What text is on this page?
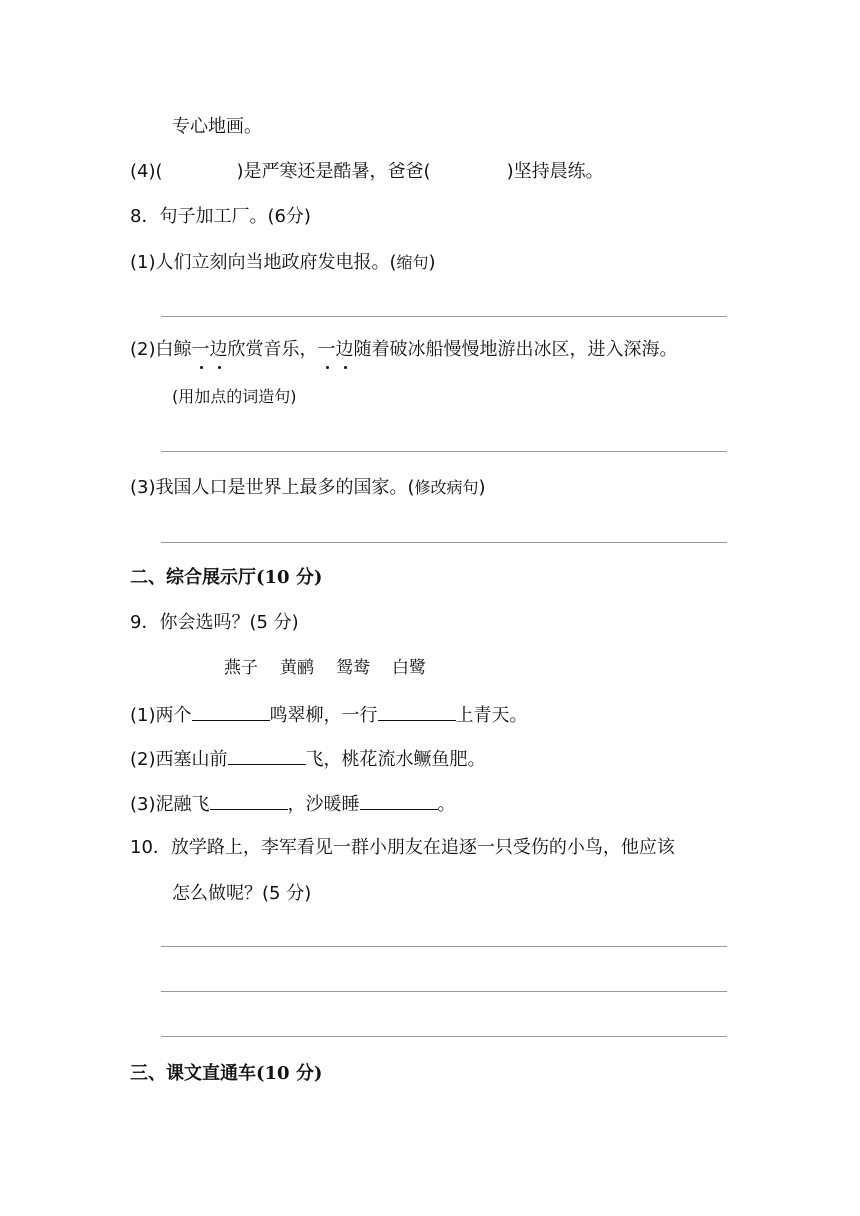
专心地画。
(4)(	)是严寒还是酷暑，爸爸(	)坚持晨练。
8．句子加工厂。(6分)
(1)人们立刻向当地政府发电报。(缩句)
(2)白鲸一边欣赏音乐，一边随着破冰船慢慢地游出冰区，进入深海。
(用加点的词造句)
(3)我国人口是世界上最多的国家。(修改病句)
二、综合展示厅(10 分)
9．你会选吗？(5 分)
燕子 黄鹂 鸳鸯 白鹭
(1)两个	鸣翠柳，一行	上青天。
(2)西塞山前	飞，桃花流水鳜鱼肥。
(3)泥融飞	，沙暖睡	。
10．放学路上，李军看见一群小朋友在追逐一只受伤的小鸟，他应该
怎么做呢？(5 分)
三、课文直通车(10 分)
